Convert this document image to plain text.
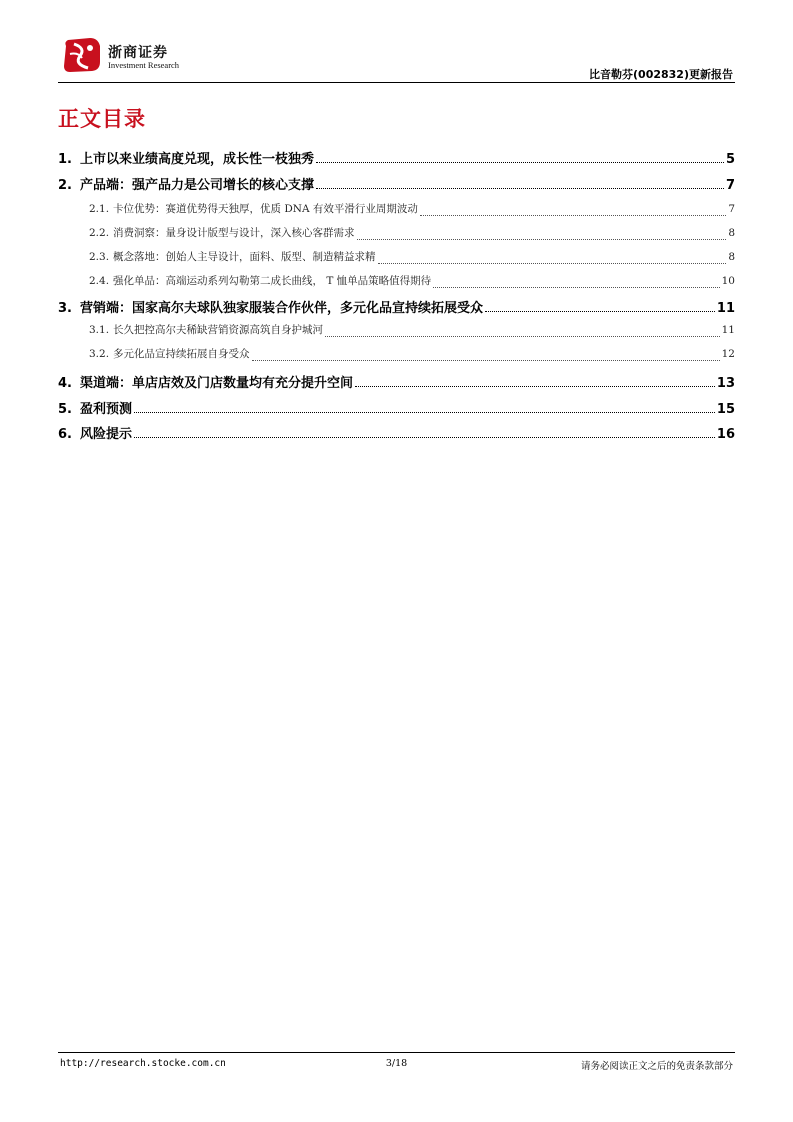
浙商证券
Investment Research
比音勒芬(002832)更新报告
正文目录
1. 上市以来业绩高度兑现，成长性一枝独秀	5
2. 产品端：强产品力是公司增长的核心支撑	7
2.1. 卡位优势：赛道优势得天独厚，优质 DNA 有效平滑行业周期波动	7
2.2. 消费洞察：量身设计版型与设计，深入核心客群需求	8
2.3. 概念落地：创始人主导设计，面料、版型、制造精益求精	8
2.4. 强化单品：高端运动系列勾勒第二成长曲线， T 恤单品策略值得期待	10
3. 营销端：国家高尔夫球队独家服装合作伙伴，多元化品宣持续拓展受众	11
3.1. 长久把控高尔夫稀缺营销资源高筑自身护城河	11
3.2. 多元化品宣持续拓展自身受众	12
4. 渠道端：单店店效及门店数量均有充分提升空间	13
5. 盈利预测	15
6. 风险提示	16
http://research.stocke.com.cn	3/18	请务必阅读正文之后的免责条款部分
